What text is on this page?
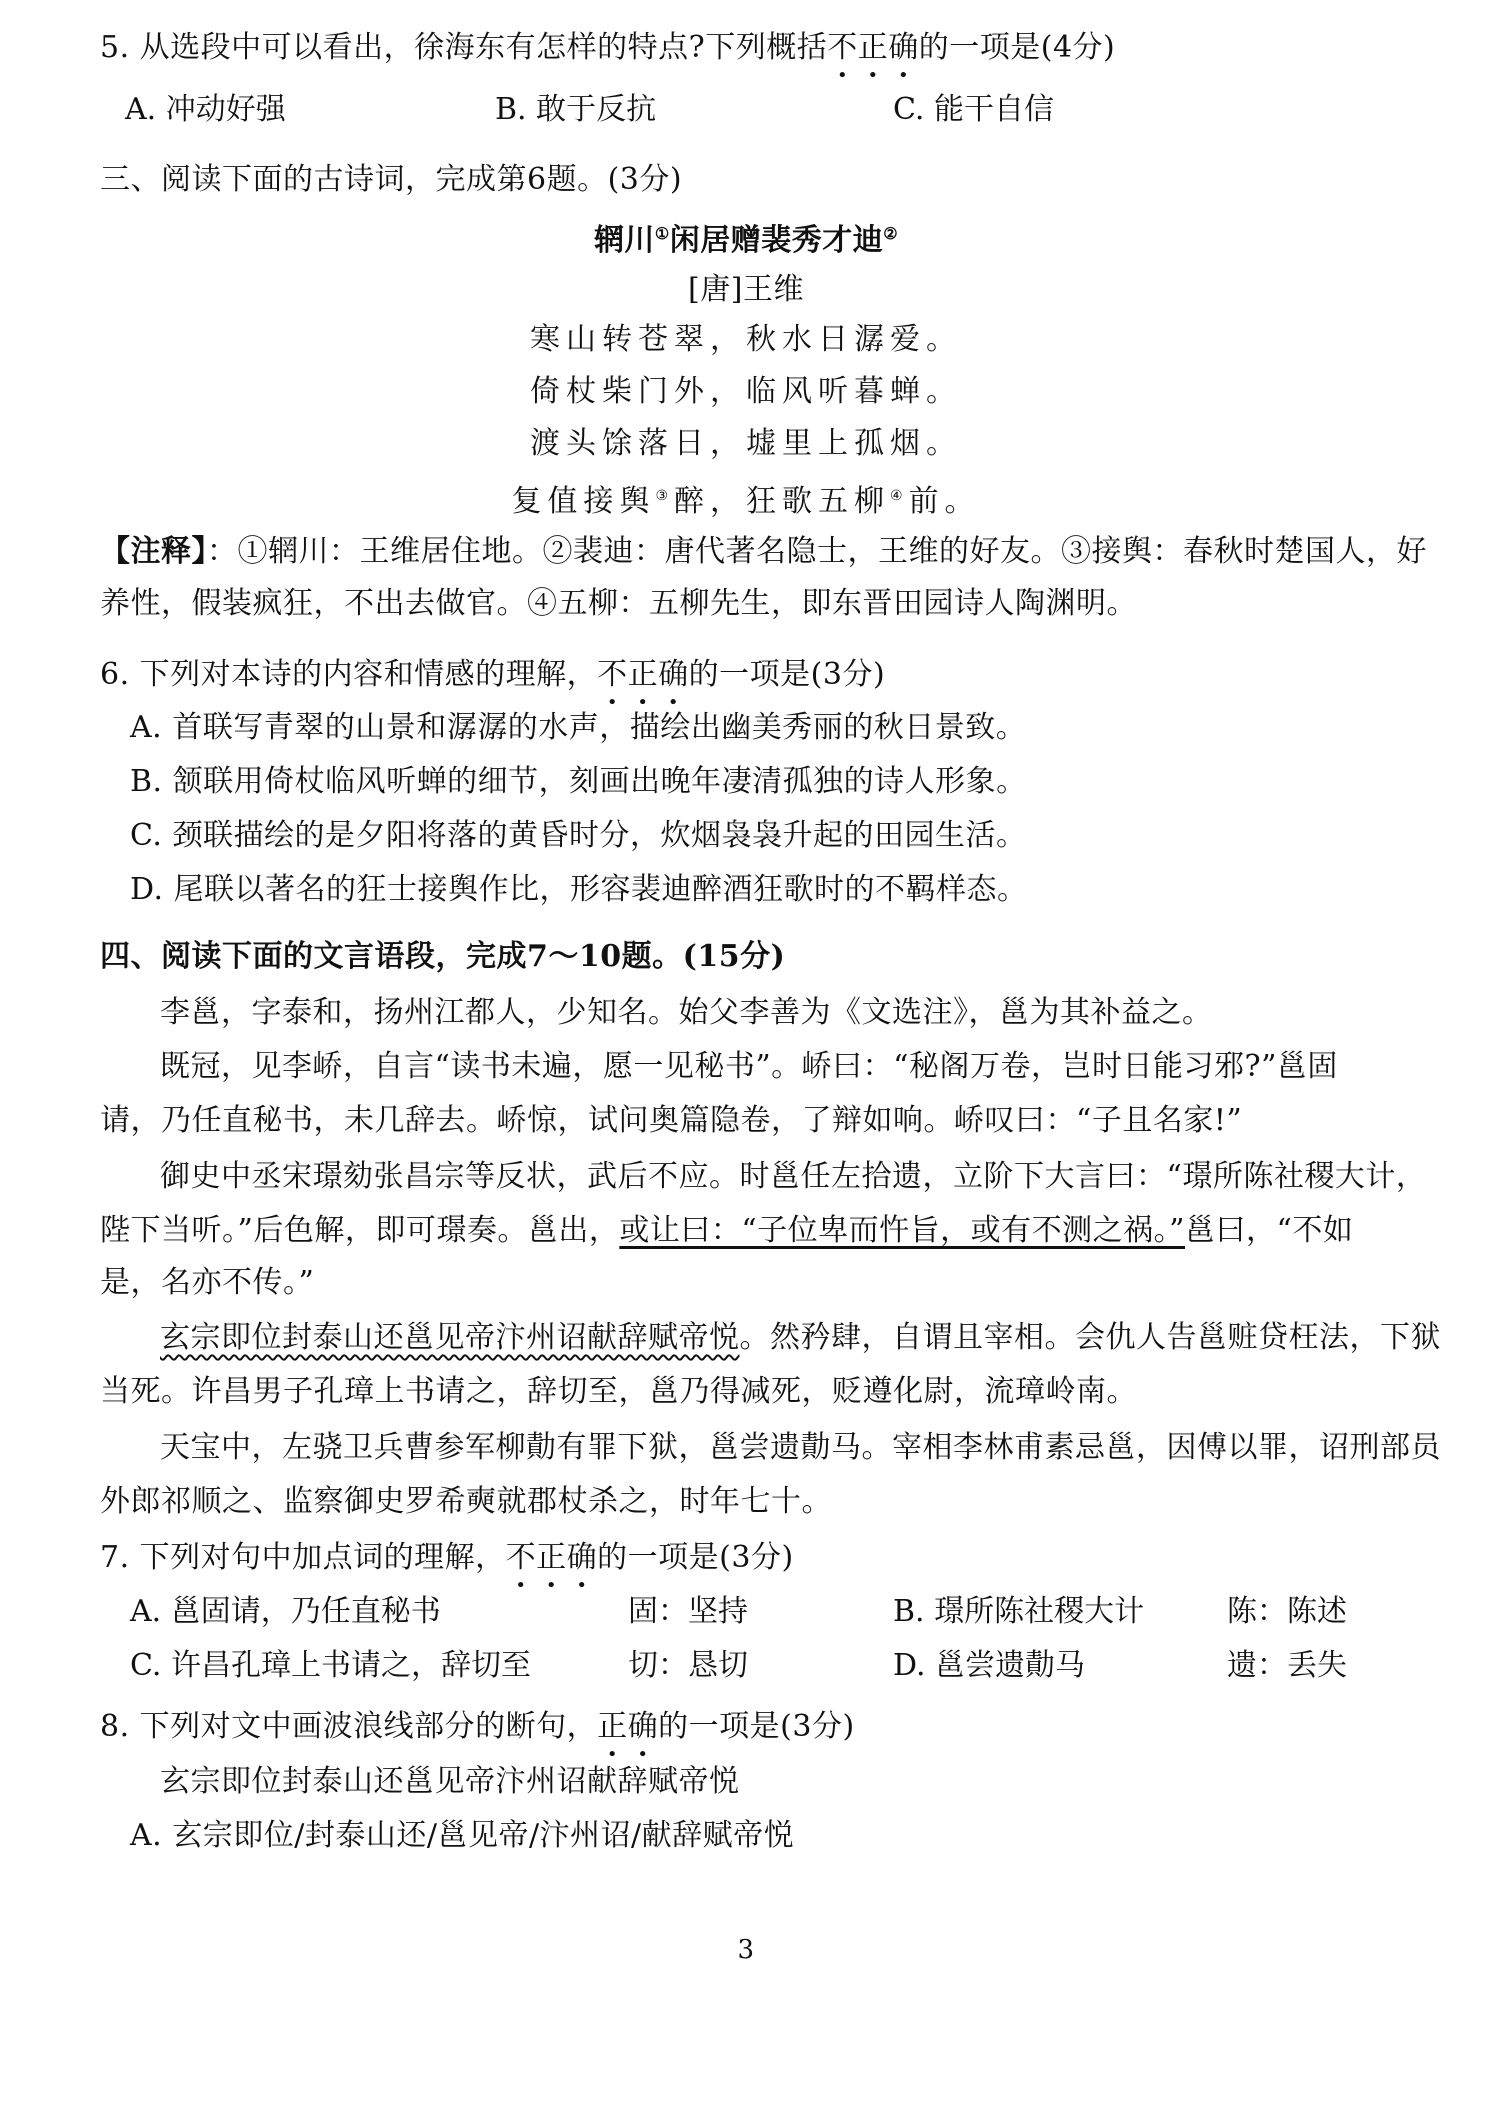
5. 从选段中可以看出，徐海东有怎样的特点?下列概括不正确的一项是(4分)
A. 冲动好强	B. 敢于反抗	C. 能干自信
三、阅读下面的古诗词，完成第6题。(3分)
辋川①闲居赠裴秀才迪②
[唐]王维
寒山转苍翠，秋水日潺爱。
倚杖柴门外，临风听暮蝉。
渡头馀落日，墟里上孤烟。
复值接舆③醉，狂歌五柳④前。
【注释】：①辋川：王维居住地。②裴迪：唐代著名隐士，王维的好友。③接舆：春秋时楚国人，好
养性，假装疯狂，不出去做官。④五柳：五柳先生，即东晋田园诗人陶渊明。
6. 下列对本诗的内容和情感的理解，不正确的一项是(3分)
A. 首联写青翠的山景和潺潺的水声，描绘出幽美秀丽的秋日景致。
B. 颔联用倚杖临风听蝉的细节，刻画出晚年凄清孤独的诗人形象。
C. 颈联描绘的是夕阳将落的黄昏时分，炊烟袅袅升起的田园生活。
D. 尾联以著名的狂士接舆作比，形容裴迪醉酒狂歌时的不羁样态。
四、阅读下面的文言语段，完成7～10题。(15分)
李邕，字泰和，扬州江都人，少知名。始父李善为《文选注》，邕为其补益之。
既冠，见李峤，自言“读书未遍，愿一见秘书”。峤曰：“秘阁万卷，岂时日能习邪?”邕固
请，乃任直秘书，未几辞去。峤惊，试问奥篇隐卷，了辩如响。峤叹曰：“子且名家!”
御史中丞宋璟劾张昌宗等反状，武后不应。时邕任左拾遗，立阶下大言曰：“璟所陈社稷大计，
陛下当听。”后色解，即可璟奏。邕出，或让曰：“子位卑而忤旨，或有不测之祸。”邕曰，“不如
是，名亦不传。”
玄宗即位封泰山还邕见帝汴州诏献辞赋帝悦。然矜肆，自谓且宰相。会仇人告邕赃贷枉法，下狱
当死。许昌男子孔璋上书请之，辞切至，邕乃得减死，贬遵化尉，流璋岭南。
天宝中，左骁卫兵曹参军柳勣有罪下狱，邕尝遗勣马。宰相李林甫素忌邕，因傅以罪，诏刑部员
外郎祁顺之、监察御史罗希奭就郡杖杀之，时年七十。
7. 下列对句中加点词的理解，不正确的一项是(3分)
A. 邕固请，乃任直秘书	固：坚持	B. 璟所陈社稷大计	陈：陈述
C. 许昌孔璋上书请之，辞切至	切：恳切	D. 邕尝遗勣马	遗：丢失
8. 下列对文中画波浪线部分的断句，正确的一项是(3分)
玄宗即位封泰山还邕见帝汴州诏献辞赋帝悦
A. 玄宗即位/封泰山还/邕见帝/汴州诏/献辞赋帝悦
3
